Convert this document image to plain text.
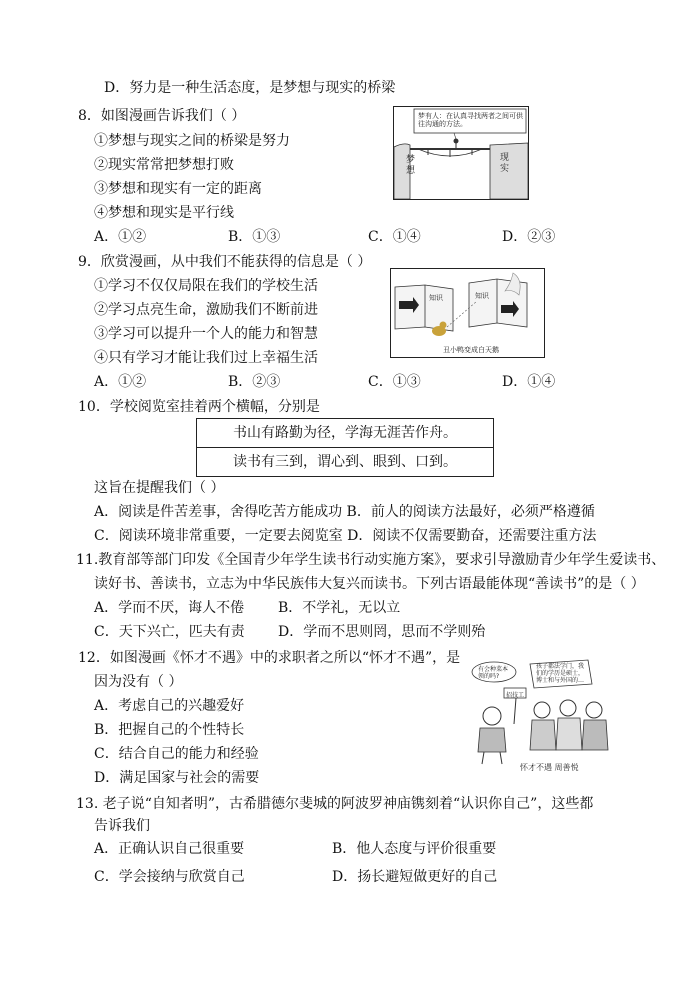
D．努力是一种生活态度，是梦想与现实的桥梁
8．如图漫画告诉我们（ ）
①梦想与现实之间的桥梁是努力
②现实常常把梦想打败
③梦想和现实有一定的距离
④梦想和现实是平行线
A．①②	B．①③	C．①④	D．②③
梦有人：在认真寻找两者之间可供往沟通的方法。
梦想
现实
9．欣赏漫画，从中我们不能获得的信息是（ ）
①学习不仅仅局限在我们的学校生活
②学习点亮生命，激励我们不断前进
③学习可以提升一个人的能力和智慧
④只有学习才能让我们过上幸福生活
A．①②	B．②③	C．①③	D．①④
知识	知识
丑小鸭变成白天鹅
10．学校阅览室挂着两个横幅，分别是
书山有路勤为径，学海无涯苦作舟。
读书有三到，谓心到、眼到、口到。
这旨在提醒我们（ ）
A．阅读是件苦差事，舍得吃苦方能成功 B．前人的阅读方法最好，必须严格遵循
C．阅读环境非常重要，一定要去阅览室 D．阅读不仅需要勤奋，还需要注重方法
11.教育部等部门印发《全国青少年学生读书行动实施方案》，要求引导激励青少年学生爱读书、
读好书、善读书，立志为中华民族伟大复兴而读书。下列古语最能体现“善读书”的是（ ）
A．学而不厌，诲人不倦 B．不学礼，无以立
C．天下兴亡，匹夫有责 D．学而不思则罔，思而不学则殆
12．如图漫画《怀才不遇》中的求职者之所以“怀才不遇”，是
因为没有（ ）
A．考虑自己的兴趣爱好
B．把握自己的个性特长
C．结合自己的能力和经验
D．满足国家与社会的需要
有会种菜本领的吗?
招技工
孩子都法学门，我们的学历是硕士，博士和与外国的…
怀才不遇 周善悦
13. 老子说“自知者明”，古希腊德尔斐城的阿波罗神庙镌刻着“认识你自己”，这些都
告诉我们
A．正确认识自己很重要	B．他人态度与评价很重要
C．学会接纳与欣赏自己	D．扬长避短做更好的自己
